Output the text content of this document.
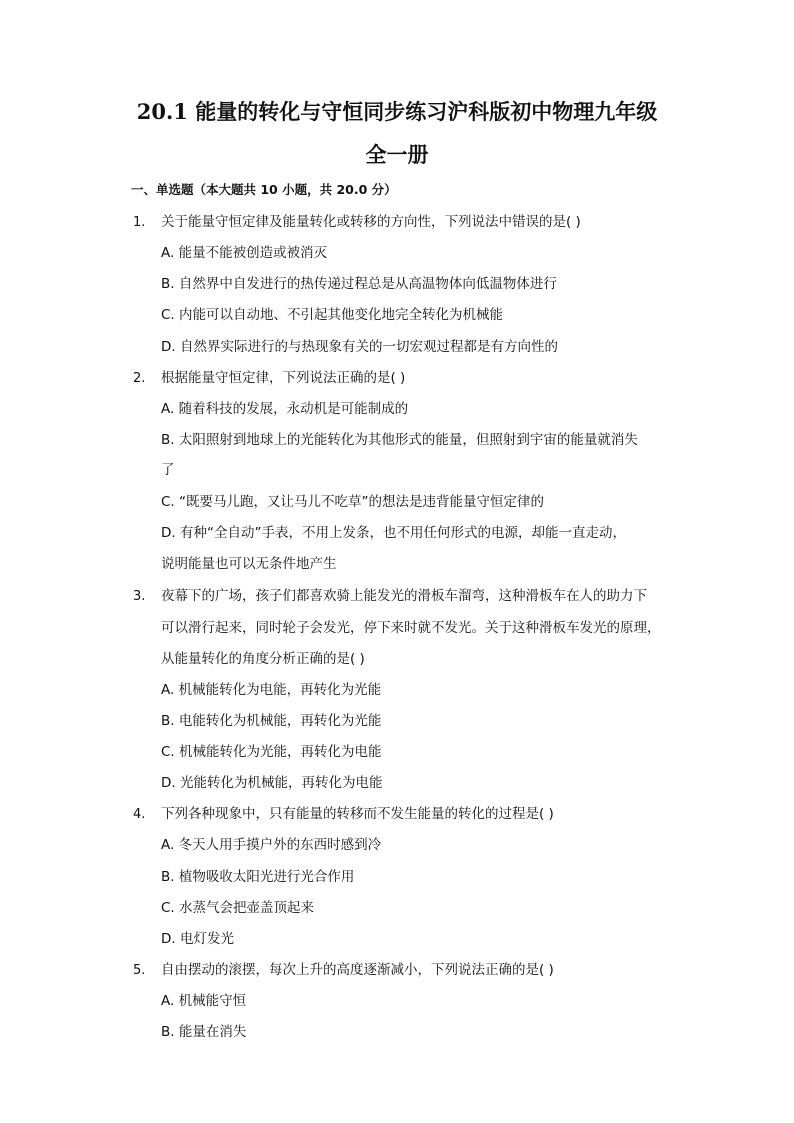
20.1 能量的转化与守恒同步练习沪科版初中物理九年级
全一册
一、单选题（本大题共 10 小题，共 20.0 分）
1. 关于能量守恒定律及能量转化或转移的方向性，下列说法中错误的是( )
A. 能量不能被创造或被消灭
B. 自然界中自发进行的热传递过程总是从高温物体向低温物体进行
C. 内能可以自动地、不引起其他变化地完全转化为机械能
D. 自然界实际进行的与热现象有关的一切宏观过程都是有方向性的
2. 根据能量守恒定律，下列说法正确的是( )
A. 随着科技的发展，永动机是可能制成的
B. 太阳照射到地球上的光能转化为其他形式的能量，但照射到宇宙的能量就消失
了
C. “既要马儿跑，又让马儿不吃草”的想法是违背能量守恒定律的
D. 有种“全自动”手表，不用上发条，也不用任何形式的电源，却能一直走动，
说明能量也可以无条件地产生
3. 夜幕下的广场，孩子们都喜欢骑上能发光的滑板车溜弯，这种滑板车在人的助力下
可以滑行起来，同时轮子会发光，停下来时就不发光。关于这种滑板车发光的原理，
从能量转化的角度分析正确的是( )
A. 机械能转化为电能，再转化为光能
B. 电能转化为机械能，再转化为光能
C. 机械能转化为光能，再转化为电能
D. 光能转化为机械能，再转化为电能
4. 下列各种现象中，只有能量的转移而不发生能量的转化的过程是( )
A. 冬天人用手摸户外的东西时感到冷
B. 植物吸收太阳光进行光合作用
C. 水蒸气会把壶盖顶起来
D. 电灯发光
5. 自由摆动的滚摆，每次上升的高度逐渐减小，下列说法正确的是( )
A. 机械能守恒
B. 能量在消失
